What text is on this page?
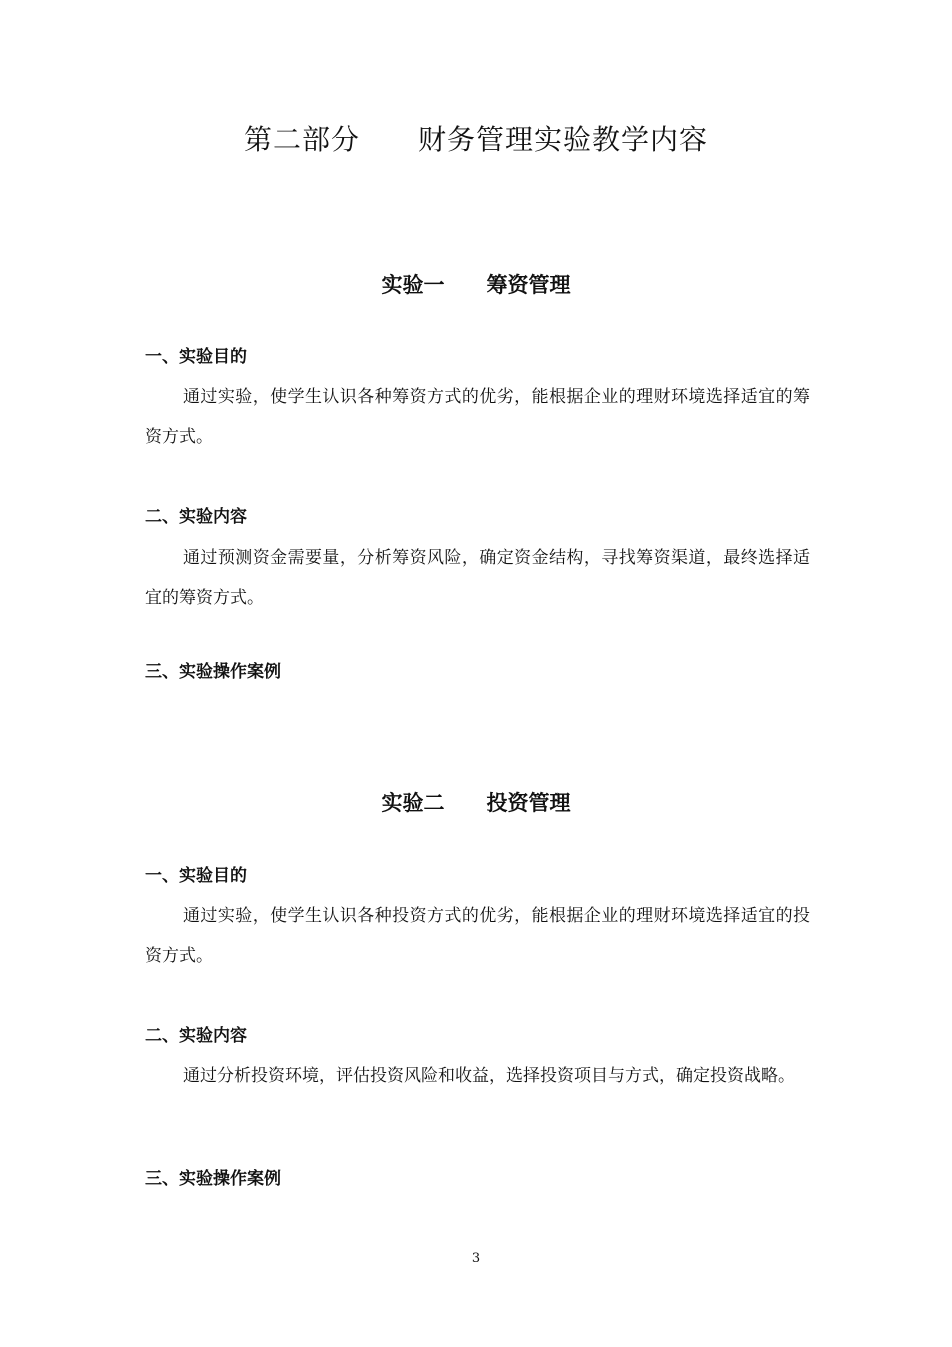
第二部分　　财务管理实验教学内容
实验一　　筹资管理
一、实验目的

通过实验，使学生认识各种筹资方式的优劣，能根据企业的理财环境选择适宜的筹资方式。

二、实验内容

通过预测资金需要量，分析筹资风险，确定资金结构，寻找筹资渠道，最终选择适宜的筹资方式。

三、实验操作案例
实验二　　投资管理
一、实验目的

通过实验，使学生认识各种投资方式的优劣，能根据企业的理财环境选择适宜的投资方式。

二、实验内容

通过分析投资环境，评估投资风险和收益，选择投资项目与方式，确定投资战略。

三、实验操作案例
3
